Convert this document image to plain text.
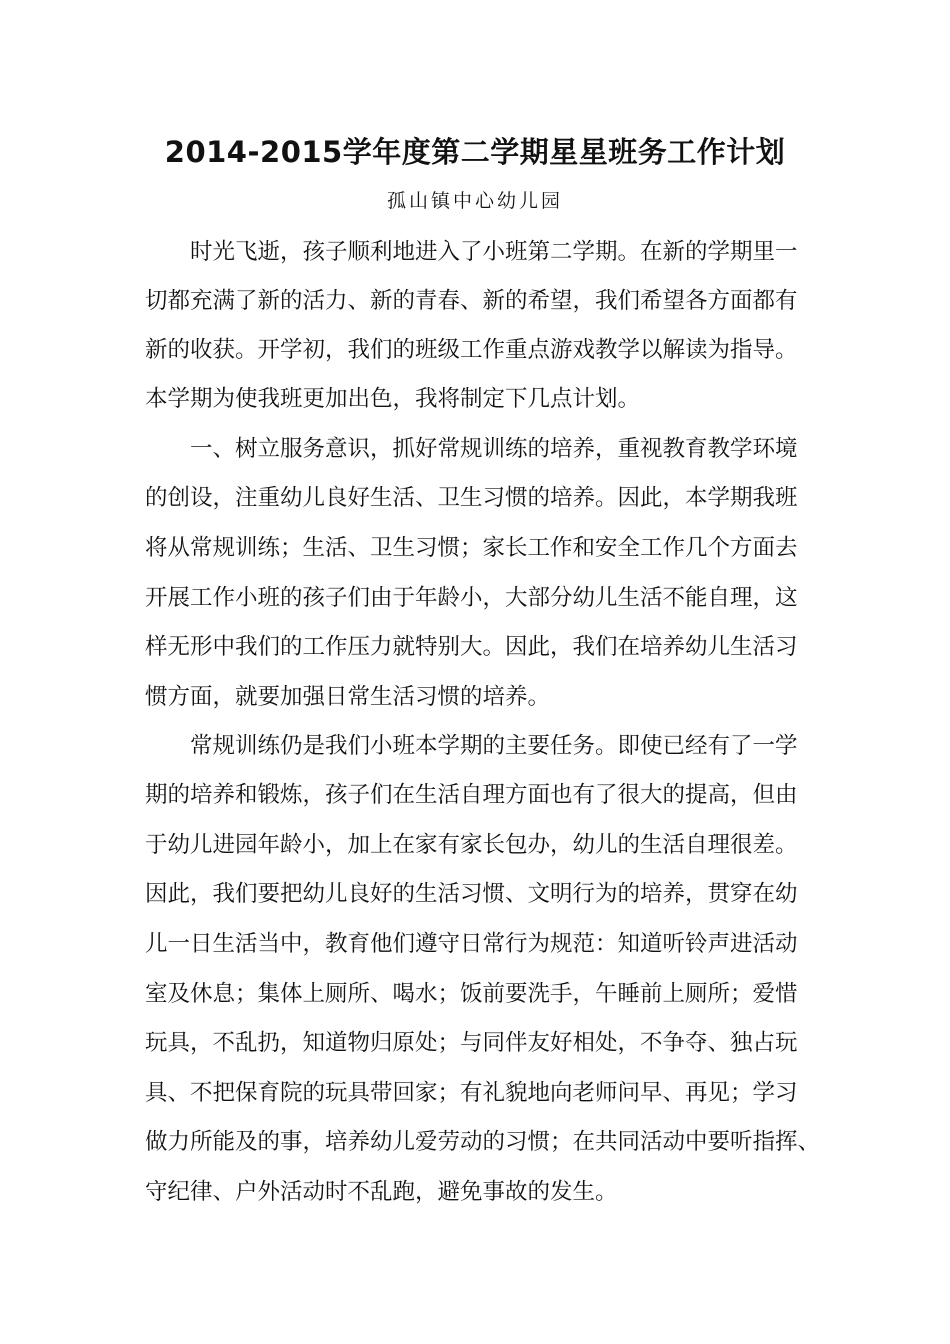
2014-2015学年度第二学期星星班务工作计划
孤山镇中心幼儿园
时光飞逝，孩子顺利地进入了小班第二学期。在新的学期里一
切都充满了新的活力、新的青春、新的希望，我们希望各方面都有
新的收获。开学初，我们的班级工作重点游戏教学以解读为指导。
本学期为使我班更加出色，我将制定下几点计划。
一、树立服务意识，抓好常规训练的培养，重视教育教学环境
的创设，注重幼儿良好生活、卫生习惯的培养。因此，本学期我班
将从常规训练；生活、卫生习惯；家长工作和安全工作几个方面去
开展工作小班的孩子们由于年龄小，大部分幼儿生活不能自理，这
样无形中我们的工作压力就特别大。因此，我们在培养幼儿生活习
惯方面，就要加强日常生活习惯的培养。
常规训练仍是我们小班本学期的主要任务。即使已经有了一学
期的培养和锻炼，孩子们在生活自理方面也有了很大的提高，但由
于幼儿进园年龄小，加上在家有家长包办，幼儿的生活自理很差。
因此，我们要把幼儿良好的生活习惯、文明行为的培养，贯穿在幼
儿一日生活当中，教育他们遵守日常行为规范：知道听铃声进活动
室及休息；集体上厕所、喝水；饭前要洗手，午睡前上厕所；爱惜
玩具，不乱扔，知道物归原处；与同伴友好相处，不争夺、独占玩
具、不把保育院的玩具带回家；有礼貌地向老师问早、再见；学习
做力所能及的事，培养幼儿爱劳动的习惯；在共同活动中要听指挥、
守纪律、户外活动时不乱跑，避免事故的发生。
